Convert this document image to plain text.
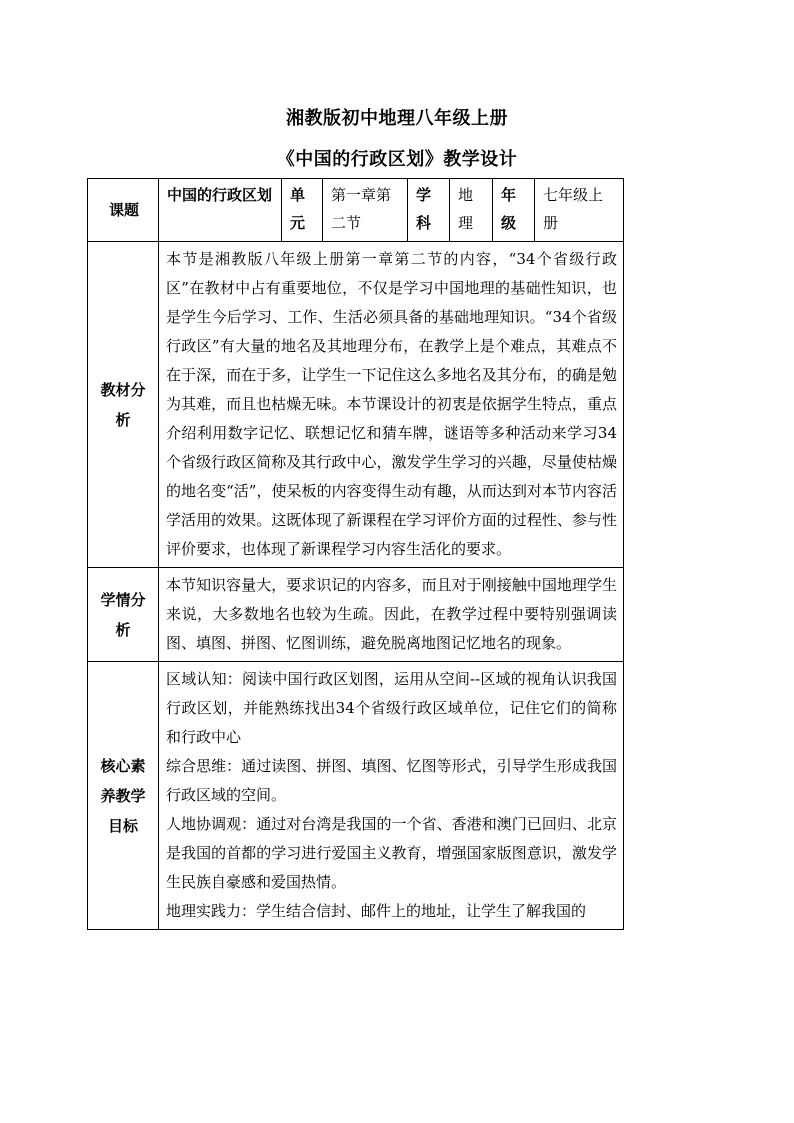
湘教版初中地理八年级上册
《中国的行政区划》教学设计
课题	中国的行政区划	单元	第一章第二节	学科	地理	年级	七年级上册
教材分析	本节是湘教版八年级上册第一章第二节的内容，“34个省级行政区”在教材中占有重要地位，不仅是学习中国地理的基础性知识，也是学生今后学习、工作、生活必须具备的基础地理知识。“34个省级行政区”有大量的地名及其地理分布，在教学上是个难点，其难点不在于深，而在于多，让学生一下记住这么多地名及其分布，的确是勉为其难，而且也枯燥无味。本节课设计的初衷是依据学生特点，重点介绍利用数字记忆、联想记忆和猜车牌，谜语等多种活动来学习34个省级行政区简称及其行政中心，激发学生学习的兴趣，尽量使枯燥的地名变“活”，使呆板的内容变得生动有趣，从而达到对本节内容活学活用的效果。这既体现了新课程在学习评价方面的过程性、参与性评价要求，也体现了新课程学习内容生活化的要求。						
学情分析	本节知识容量大，要求识记的内容多，而且对于刚接触中国地理学生来说，大多数地名也较为生疏。因此，在教学过程中要特别强调读图、填图、拼图、忆图训练，避免脱离地图记忆地名的现象。						
核心素养教学目标	区域认知：阅读中国行政区划图，运用从空间--区域的视角认识我国行政区划，并能熟练找出34个省级行政区域单位，记住它们的简称和行政中心

综合思维：通过读图、拼图、填图、忆图等形式，引导学生形成我国行政区域的空间。

人地协调观：通过对台湾是我国的一个省、香港和澳门已回归、北京是我国的首都的学习进行爱国主义教育，增强国家版图意识，激发学生民族自豪感和爱国热情。

地理实践力：学生结合信封、邮件上的地址，让学生了解我国的						
